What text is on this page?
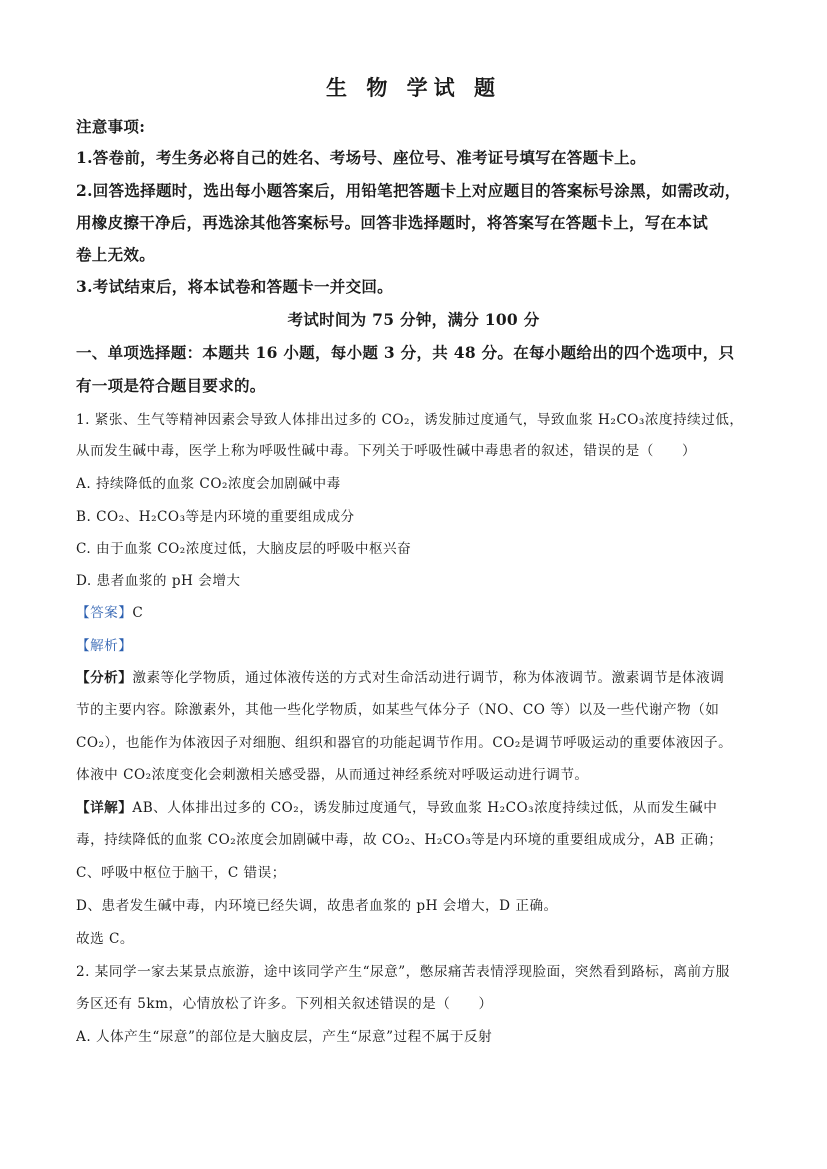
生 物 学试 题
注意事项:
1.答卷前，考生务必将自己的姓名、考场号、座位号、准考证号填写在答题卡上。
2.回答选择题时，选出每小题答案后，用铅笔把答题卡上对应题目的答案标号涂黑，如需改动，
用橡皮擦干净后，再选涂其他答案标号。回答非选择题时，将答案写在答题卡上，写在本试
卷上无效。
3.考试结束后，将本试卷和答题卡一并交回。
考试时间为 75 分钟，满分 100 分
一、单项选择题：本题共 16 小题，每小题 3 分，共 48 分。在每小题给出的四个选项中，只
有一项是符合题目要求的。
1. 紧张、生气等精神因素会导致人体排出过多的 CO₂，诱发肺过度通气，导致血浆 H₂CO₃浓度持续过低，
从而发生碱中毒，医学上称为呼吸性碱中毒。下列关于呼吸性碱中毒患者的叙述，错误的是（　　）
A. 持续降低的血浆 CO₂浓度会加剧碱中毒
B. CO₂、H₂CO₃等是内环境的重要组成成分
C. 由于血浆 CO₂浓度过低，大脑皮层的呼吸中枢兴奋
D. 患者血浆的 pH 会增大
【答案】C
【解析】
【分析】激素等化学物质，通过体液传送的方式对生命活动进行调节，称为体液调节。激素调节是体液调
节的主要内容。除激素外，其他一些化学物质，如某些气体分子（NO、CO 等）以及一些代谢产物（如
CO₂），也能作为体液因子对细胞、组织和器官的功能起调节作用。CO₂是调节呼吸运动的重要体液因子。
体液中 CO₂浓度变化会刺激相关感受器，从而通过神经系统对呼吸运动进行调节。
【详解】AB、人体排出过多的 CO₂，诱发肺过度通气，导致血浆 H₂CO₃浓度持续过低，从而发生碱中
毒，持续降低的血浆 CO₂浓度会加剧碱中毒，故 CO₂、H₂CO₃等是内环境的重要组成成分，AB 正确；
C、呼吸中枢位于脑干，C 错误；
D、患者发生碱中毒，内环境已经失调，故患者血浆的 pH 会增大，D 正确。
故选 C。
2. 某同学一家去某景点旅游，途中该同学产生“尿意”，憋尿痛苦表情浮现脸面，突然看到路标，离前方服
务区还有 5km，心情放松了许多。下列相关叙述错误的是（　　）
A. 人体产生“尿意”的部位是大脑皮层，产生“尿意”过程不属于反射
